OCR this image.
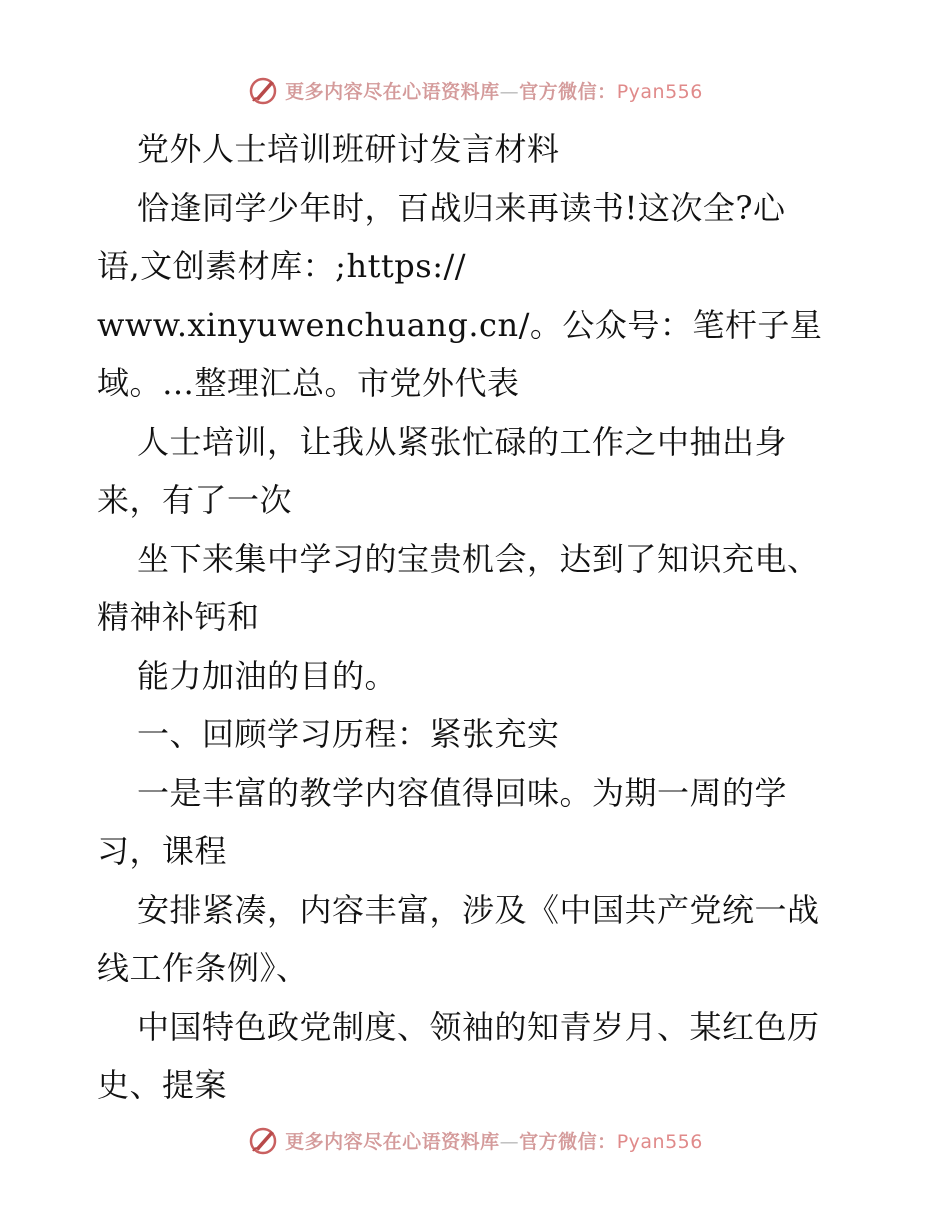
更多内容尽在心语资料库—官方微信：Pyan556
党外人士培训班研讨发言材料
恰逢同学少年时，百战归来再读书!这次全?心
语,文创素材库：;https://
www.xinyuwenchuang.cn/。公众号：笔杆子星
域。…整理汇总。市党外代表
人士培训，让我从紧张忙碌的工作之中抽出身
来，有了一次
坐下来集中学习的宝贵机会，达到了知识充电、
精神补钙和
能力加油的目的。
一、回顾学习历程：紧张充实
一是丰富的教学内容值得回味。为期一周的学
习，课程
安排紧凑，内容丰富，涉及《中国共产党统一战
线工作条例》、
中国特色政党制度、领袖的知青岁月、某红色历
史、提案
更多内容尽在心语资料库—官方微信：Pyan556
